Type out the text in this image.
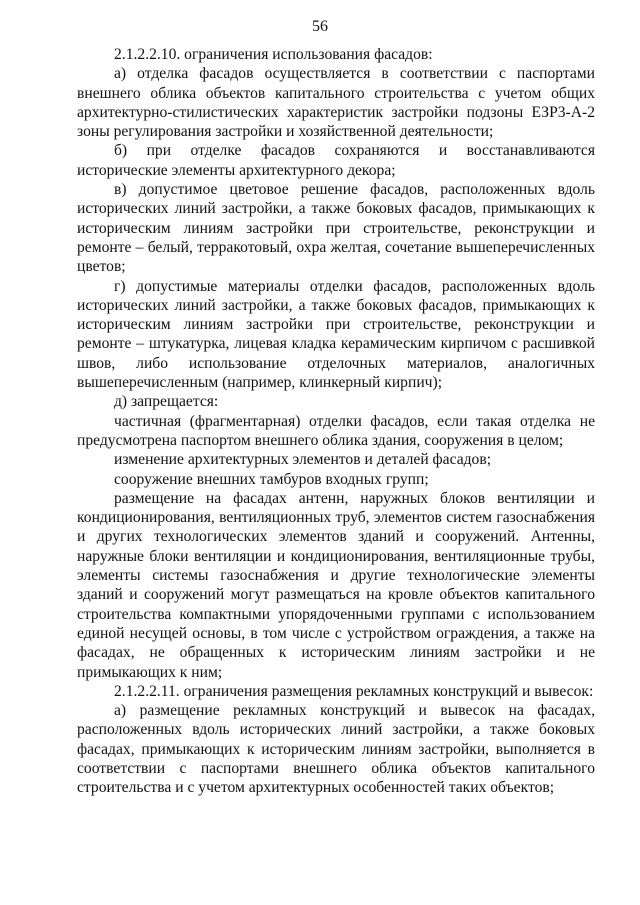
56

2.1.2.2.10. ограничения использования фасадов:

а) отделка фасадов осуществляется в соответствии с паспортами внешнего облика объектов капитального строительства с учетом общих архитектурно-стилистических характеристик застройки подзоны ЕЗР3-А-2 зоны регулирования застройки и хозяйственной деятельности;

б) при отделке фасадов сохраняются и восстанавливаются исторические элементы архитектурного декора;

в) допустимое цветовое решение фасадов, расположенных вдоль исторических линий застройки, а также боковых фасадов, примыкающих к историческим линиям застройки при строительстве, реконструкции и ремонте – белый, терракотовый, охра желтая, сочетание вышеперечисленных цветов;

г) допустимые материалы отделки фасадов, расположенных вдоль исторических линий застройки, а также боковых фасадов, примыкающих к историческим линиям застройки при строительстве, реконструкции и ремонте – штукатурка, лицевая кладка керамическим кирпичом с расшивкой швов, либо использование отделочных материалов, аналогичных вышеперечисленным (например, клинкерный кирпич);

д) запрещается:

частичная (фрагментарная) отделки фасадов, если такая отделка не предусмотрена паспортом внешнего облика здания, сооружения в целом;

изменение архитектурных элементов и деталей фасадов;

сооружение внешних тамбуров входных групп;

размещение на фасадах антенн, наружных блоков вентиляции и кондиционирования, вентиляционных труб, элементов систем газоснабжения и других технологических элементов зданий и сооружений. Антенны, наружные блоки вентиляции и кондиционирования, вентиляционные трубы, элементы системы газоснабжения и другие технологические элементы зданий и сооружений могут размещаться на кровле объектов капитального строительства компактными упорядоченными группами с использованием единой несущей основы, в том числе с устройством ограждения, а также на фасадах, не обращенных к историческим линиям застройки и не примыкающих к ним;

2.1.2.2.11. ограничения размещения рекламных конструкций и вывесок:

а) размещение рекламных конструкций и вывесок на фасадах, расположенных вдоль исторических линий застройки, а также боковых фасадах, примыкающих к историческим линиям застройки, выполняется в соответствии с паспортами внешнего облика объектов капитального строительства и с учетом архитектурных особенностей таких объектов;
